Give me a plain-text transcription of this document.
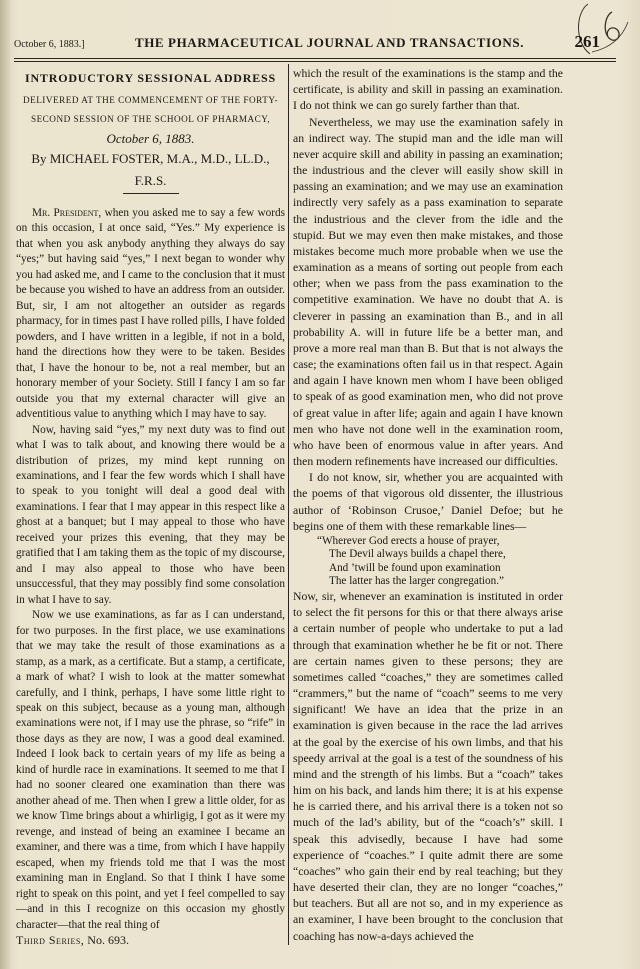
October 6, 1883.]	THE PHARMACEUTICAL JOURNAL AND TRANSACTIONS.	261
INTRODUCTORY SESSIONAL ADDRESS
DELIVERED AT THE COMMENCEMENT OF THE FORTY-
SECOND SESSION OF THE SCHOOL OF PHARMACY,
October 6, 1883.
By MICHAEL FOSTER, M.A., M.D., LL.D., F.R.S.

Mr. President, when you asked me to say a few words on this occasion, I at once said, “Yes.” My experience is that when you ask anybody anything they always do say “yes;” but having said “yes,” I next began to wonder why you had asked me, and I came to the conclusion that it must be because you wished to have an address from an outsider. But, sir, I am not altogether an outsider as regards pharmacy, for in times past I have rolled pills, I have folded powders, and I have written in a legible, if not in a bold, hand the directions how they were to be taken. Besides that, I have the honour to be, not a real member, but an honorary member of your Society. Still I fancy I am so far outside you that my external character will give an adventitious value to anything which I may have to say.

Now, having said “yes,” my next duty was to find out what I was to talk about, and knowing there would be a distribution of prizes, my mind kept running on examinations, and I fear the few words which I shall have to speak to you tonight will deal a good deal with examinations. I fear that I may appear in this respect like a ghost at a banquet; but I may appeal to those who have received your prizes this evening, that they may be gratified that I am taking them as the topic of my discourse, and I may also appeal to those who have been unsuccessful, that they may possibly find some consolation in what I have to say.

Now we use examinations, as far as I can understand, for two purposes. In the first place, we use examinations that we may take the result of those examinations as a stamp, as a mark, as a certificate. But a stamp, a certificate, a mark of what? I wish to look at the matter somewhat carefully, and I think, perhaps, I have some little right to speak on this subject, because as a young man, although examinations were not, if I may use the phrase, so “rife” in those days as they are now, I was a good deal examined. Indeed I look back to certain years of my life as being a kind of hurdle race in examinations. It seemed to me that I had no sooner cleared one examination than there was another ahead of me. Then when I grew a little older, for as we know Time brings about a whirligig, I got as it were my revenge, and instead of being an examinee I became an examiner, and there was a time, from which I have happily escaped, when my friends told me that I was the most examining man in England. So that I think I have some right to speak on this point, and yet I feel compelled to say—and in this I recognize on this occasion my ghostly character—that the real thing of

Third Series, No. 693.

which the result of the examinations is the stamp and the certificate, is ability and skill in passing an examination. I do not think we can go surely farther than that.

Nevertheless, we may use the examination safely in an indirect way. The stupid man and the idle man will never acquire skill and ability in passing an examination; the industrious and the clever will easily show skill in passing an examination; and we may use an examination indirectly very safely as a pass examination to separate the industrious and the clever from the idle and the stupid. But we may even then make mistakes, and those mistakes become much more probable when we use the examination as a means of sorting out people from each other; when we pass from the pass examination to the competitive examination. We have no doubt that A. is cleverer in passing an examination than B., and in all probability A. will in future life be a better man, and prove a more real man than B. But that is not always the case; the examinations often fail us in that respect. Again and again I have known men whom I have been obliged to speak of as good examination men, who did not prove of great value in after life; again and again I have known men who have not done well in the examination room, who have been of enormous value in after years. And then modern refinements have increased our difficulties.

I do not know, sir, whether you are acquainted with the poems of that vigorous old dissenter, the illustrious author of ‘Robinson Crusoe,’ Daniel Defoe; but he begins one of them with these remarkable lines—

“Wherever God erects a house of prayer,
The Devil always builds a chapel there,
And ’twill be found upon examination
The latter has the larger congregation.”

Now, sir, whenever an examination is instituted in order to select the fit persons for this or that there always arise a certain number of people who undertake to put a lad through that examination whether he be fit or not. There are certain names given to these persons; they are sometimes called “coaches,” they are sometimes called “crammers,” but the name of “coach” seems to me very significant! We have an idea that the prize in an examination is given because in the race the lad arrives at the goal by the exercise of his own limbs, and that his speedy arrival at the goal is a test of the soundness of his mind and the strength of his limbs. But a “coach” takes him on his back, and lands him there; it is at his expense he is carried there, and his arrival there is a token not so much of the lad’s ability, but of the “coach’s” skill. I speak this advisedly, because I have had some experience of “coaches.” I quite admit there are some “coaches” who gain their end by real teaching; but they have deserted their clan, they are no longer “coaches,” but teachers. But all are not so, and in my experience as an examiner, I have been brought to the conclusion that coaching has now-a-days achieved the
